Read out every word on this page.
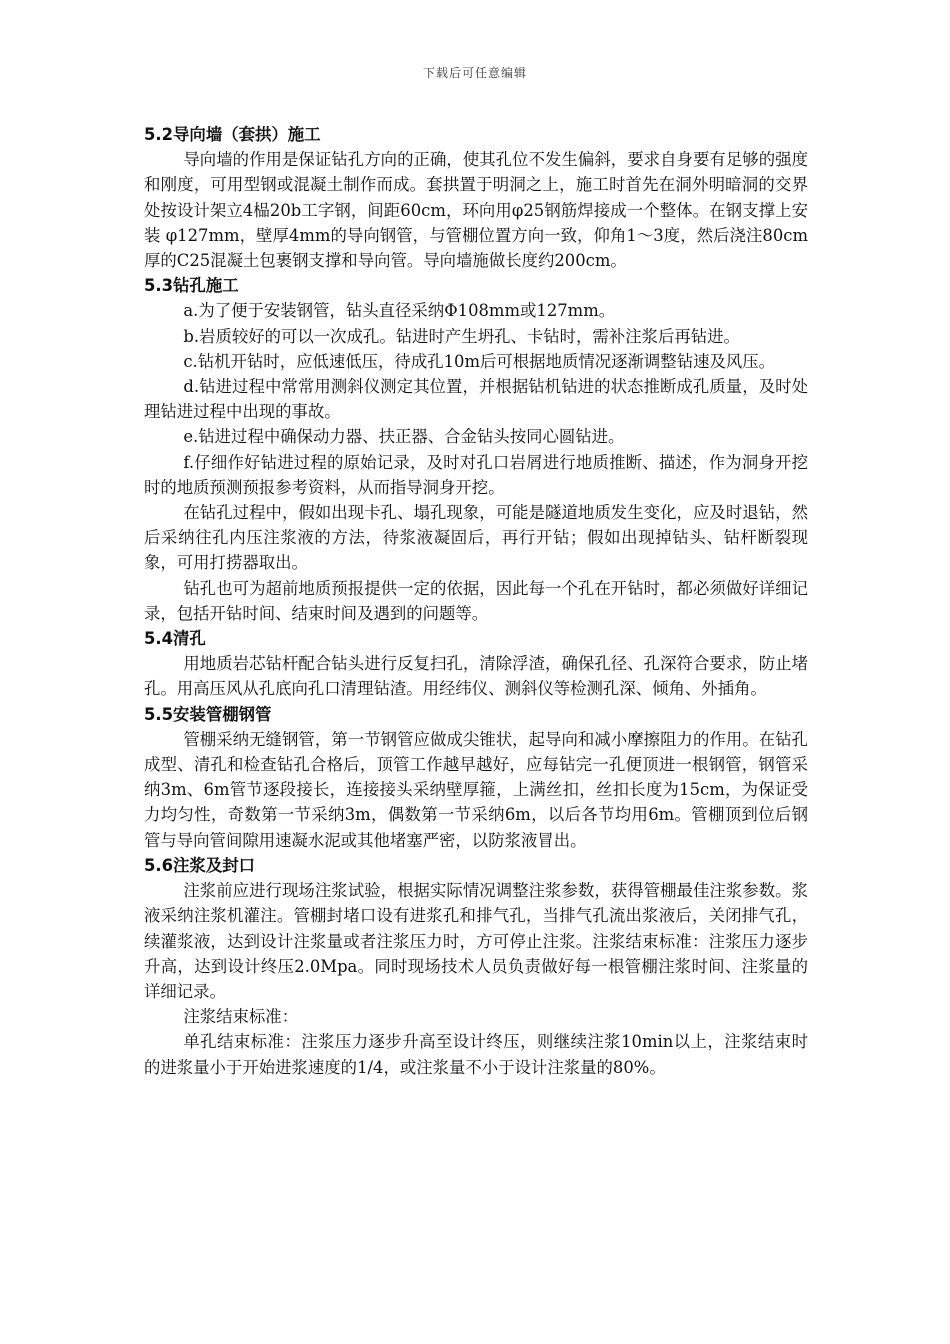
下载后可任意编辑
5.2导向墙（套拱）施工

导向墙的作用是保证钻孔方向的正确，使其孔位不发生偏斜，要求自身要有足够的强度和刚度，可用型钢或混凝土制作而成。套拱置于明洞之上，施工时首先在洞外明暗洞的交界处按设计架立4榀20b工字钢，间距60cm，环向用φ25钢筋焊接成一个整体。在钢支撑上安装 φ127mm，壁厚4mm的导向钢管，与管棚位置方向一致，仰角1～3度，然后浇注80cm厚的C25混凝土包裹钢支撑和导向管。导向墙施做长度约200cm。

5.3钻孔施工

a.为了便于安装钢管，钻头直径采纳Φ108mm或127mm。

b.岩质较好的可以一次成孔。钻进时产生坍孔、卡钻时，需补注浆后再钻进。

c.钻机开钻时，应低速低压，待成孔10m后可根据地质情况逐渐调整钻速及风压。

d.钻进过程中常常用测斜仪测定其位置，并根据钻机钻进的状态推断成孔质量，及时处理钻进过程中出现的事故。

e.钻进过程中确保动力器、扶正器、合金钻头按同心圆钻进。

f.仔细作好钻进过程的原始记录，及时对孔口岩屑进行地质推断、描述，作为洞身开挖时的地质预测预报参考资料，从而指导洞身开挖。

在钻孔过程中，假如出现卡孔、塌孔现象，可能是隧道地质发生变化，应及时退钻，然后采纳往孔内压注浆液的方法，待浆液凝固后，再行开钻；假如出现掉钻头、钻杆断裂现象，可用打捞器取出。

钻孔也可为超前地质预报提供一定的依据，因此每一个孔在开钻时，都必须做好详细记录，包括开钻时间、结束时间及遇到的问题等。

5.4清孔

用地质岩芯钻杆配合钻头进行反复扫孔，清除浮渣，确保孔径、孔深符合要求，防止堵孔。用高压风从孔底向孔口清理钻渣。用经纬仪、测斜仪等检测孔深、倾角、外插角。

5.5安装管棚钢管

管棚采纳无缝钢管，第一节钢管应做成尖锥状，起导向和减小摩擦阻力的作用。在钻孔成型、清孔和检查钻孔合格后，顶管工作越早越好，应每钻完一孔便顶进一根钢管，钢管采纳3m、6m管节逐段接长，连接接头采纳壁厚箍，上满丝扣，丝扣长度为15cm，为保证受力均匀性，奇数第一节采纳3m，偶数第一节采纳6m，以后各节均用6m。管棚顶到位后钢管与导向管间隙用速凝水泥或其他堵塞严密，以防浆液冒出。

5.6注浆及封口

注浆前应进行现场注浆试验，根据实际情况调整注浆参数，获得管棚最佳注浆参数。浆液采纳注浆机灌注。管棚封堵口设有进浆孔和排气孔，当排气孔流出浆液后，关闭排气孔，续灌浆液，达到设计注浆量或者注浆压力时，方可停止注浆。注浆结束标准：注浆压力逐步升高，达到设计终压2.0Mpa。同时现场技术人员负责做好每一根管棚注浆时间、注浆量的详细记录。

注浆结束标准：

单孔结束标准：注浆压力逐步升高至设计终压，则继续注浆10min以上，注浆结束时的进浆量小于开始进浆速度的1/4，或注浆量不小于设计注浆量的80%。
